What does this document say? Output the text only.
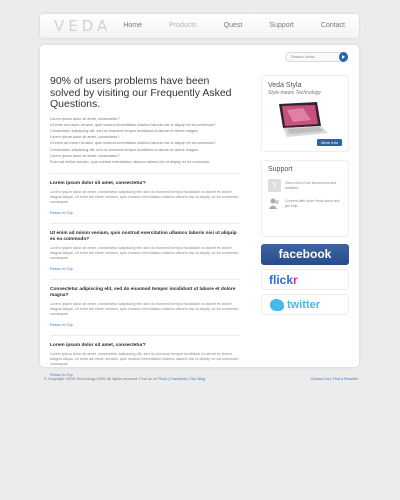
VEDA Home	Products	Quest	Support	Contact
Search Veda...
90% of users problems have been solved by visiting our Frequently Asked Questions.
Lorem ipsum dolor sit amet, consectetur?
Ut enim ad minim veniam, quis nostrud exercitation ullamco laboris nisi ut aliquip ex ea commodo?
Consectetur adipiscing elit, sed do eiusmod tempor incididunt ut labore et dolore magna.
Lorem ipsum dolor sit amet, consectetur?
Ut enim ad minim veniam, quis nostrud exercitation ullamco laboris nisi ut aliquip ex ea commodo?
Consectetur adipiscing elit, sed do eiusmod tempor incididunt ut labore et dolore magna.
Lorem ipsum dolor sit amet, consectetur?
Enim ad minim veniam, quis nostrud exercitation ullamco laboris nisi ut aliquip ex ea commodo.
Lorem ipsum dolor sit amet, consectetur?

Lorem ipsum dolor sit amet, consectetur adipiscing elit, sed do eiusmod tempor incididunt ut labore et dolore magna aliqua. Ut enim ad minim veniam, quis nostrud exercitation ullamco laboris nisi ut aliquip ex ea commodo consequat.

Return to Top
Ut enim ad minim veniam, quis nostrud exercitation ullamco laboris nisi ut aliquip ex ea commodo?

Lorem ipsum dolor sit amet, consectetur adipiscing elit, sed do eiusmod tempor incididunt ut labore et dolore magna aliqua. Ut enim ad minim veniam, quis nostrud exercitation ullamco laboris nisi ut aliquip ex ea commodo consequat.

Return to Top
Consectetur adipiscing elit, sed do eiusmod tempor incididunt ut labore et dolore magna?

Lorem ipsum dolor sit amet, consectetur adipiscing elit, sed do eiusmod tempor incididunt ut labore et dolore magna aliqua. Ut enim ad minim veniam, quis nostrud exercitation ullamco laboris nisi ut aliquip ex ea commodo consequat.

Return to Top
Lorem ipsum dolor sit amet, consectetur?

Lorem ipsum dolor sit amet, consectetur adipiscing elit, sed do eiusmod tempor incididunt ut labore et dolore magna aliqua. Ut enim ad minim veniam, quis nostrud exercitation ullamco laboris nisi ut aliquip ex ea commodo consequat.

Return to Top
Veda Styla
Style meets Technology
More Info
Support
? View a list of our showrooms and resellers.
Connect with other Veda users and get help.
facebook
flickr
twitter
© Copyright VEDA Technology 2009. All rights reserved. Find us on Flickr | Facebook | Our Blog	Contact Us | Find a Reseller
